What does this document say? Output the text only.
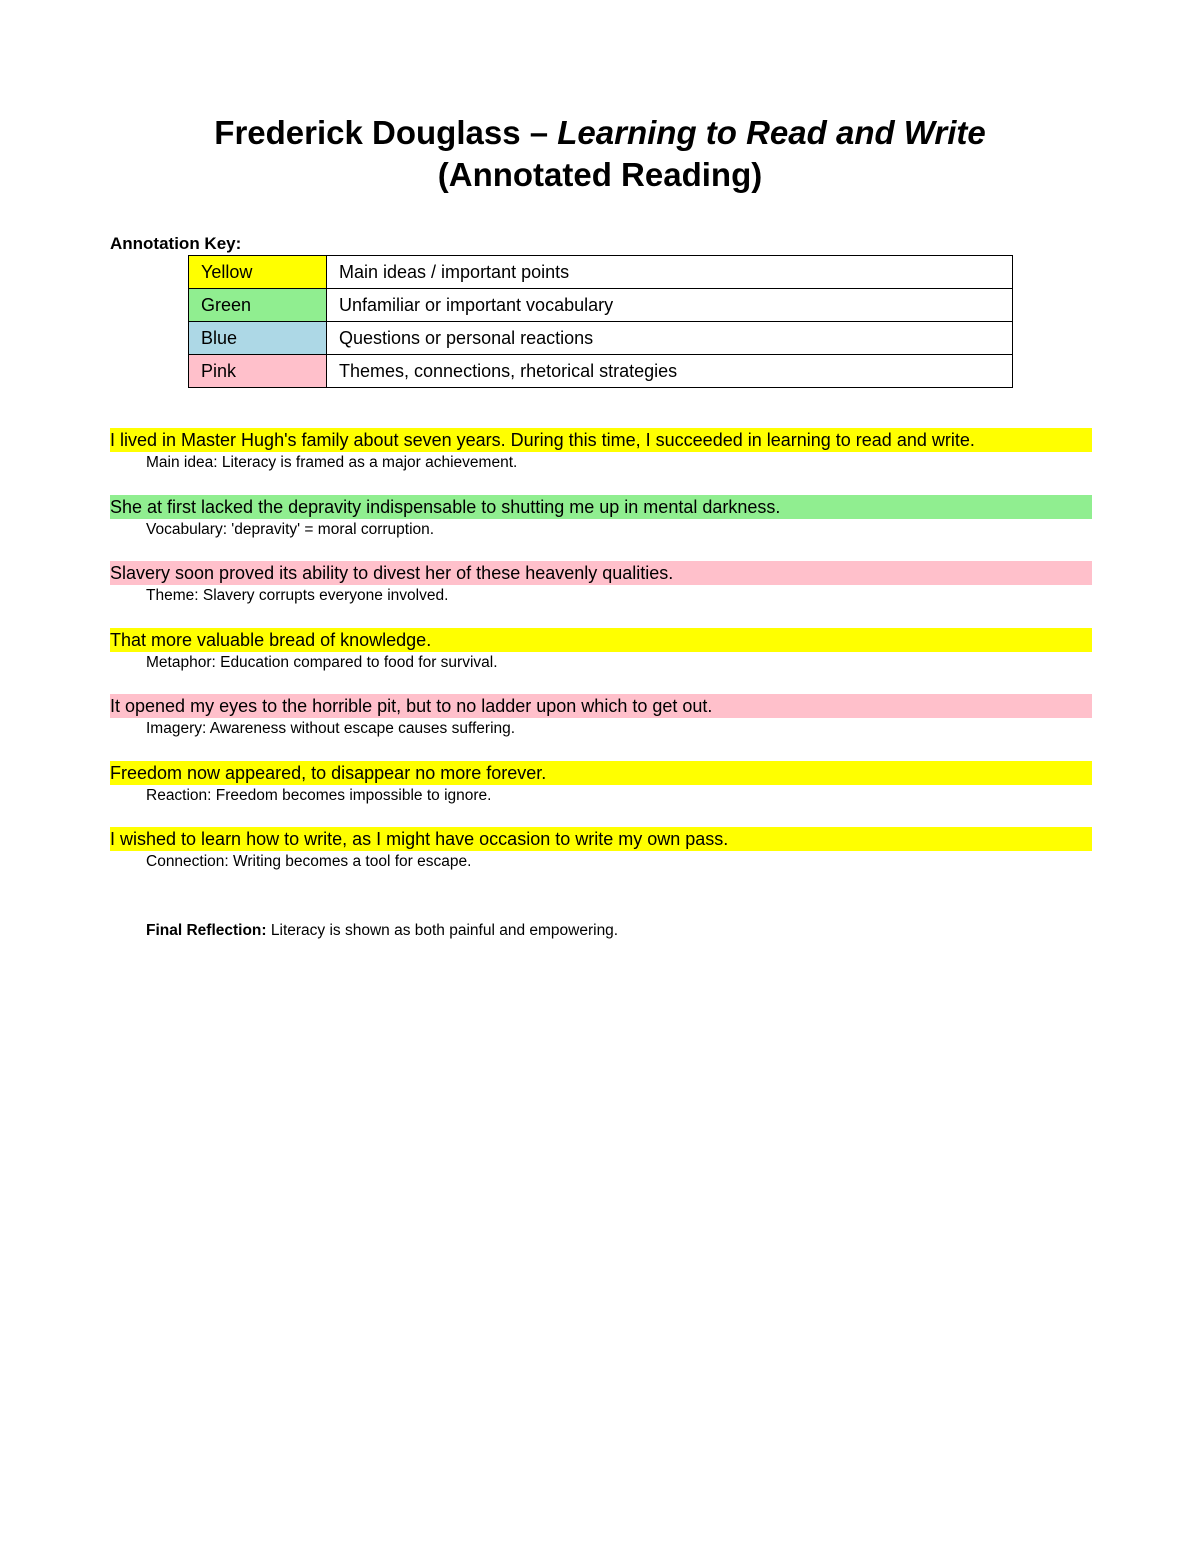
Frederick Douglass – Learning to Read and Write
(Annotated Reading)
Annotation Key:
Yellow	Main ideas / important points
Green	Unfamiliar or important vocabulary
Blue	Questions or personal reactions
Pink	Themes, connections, rhetorical strategies
I lived in Master Hugh's family about seven years. During this time, I succeeded in learning to read and write.
Main idea: Literacy is framed as a major achievement.
She at first lacked the depravity indispensable to shutting me up in mental darkness.
Vocabulary: 'depravity' = moral corruption.
Slavery soon proved its ability to divest her of these heavenly qualities.
Theme: Slavery corrupts everyone involved.
That more valuable bread of knowledge.
Metaphor: Education compared to food for survival.
It opened my eyes to the horrible pit, but to no ladder upon which to get out.
Imagery: Awareness without escape causes suffering.
Freedom now appeared, to disappear no more forever.
Reaction: Freedom becomes impossible to ignore.
I wished to learn how to write, as I might have occasion to write my own pass.
Connection: Writing becomes a tool for escape.
Final Reflection: Literacy is shown as both painful and empowering.
